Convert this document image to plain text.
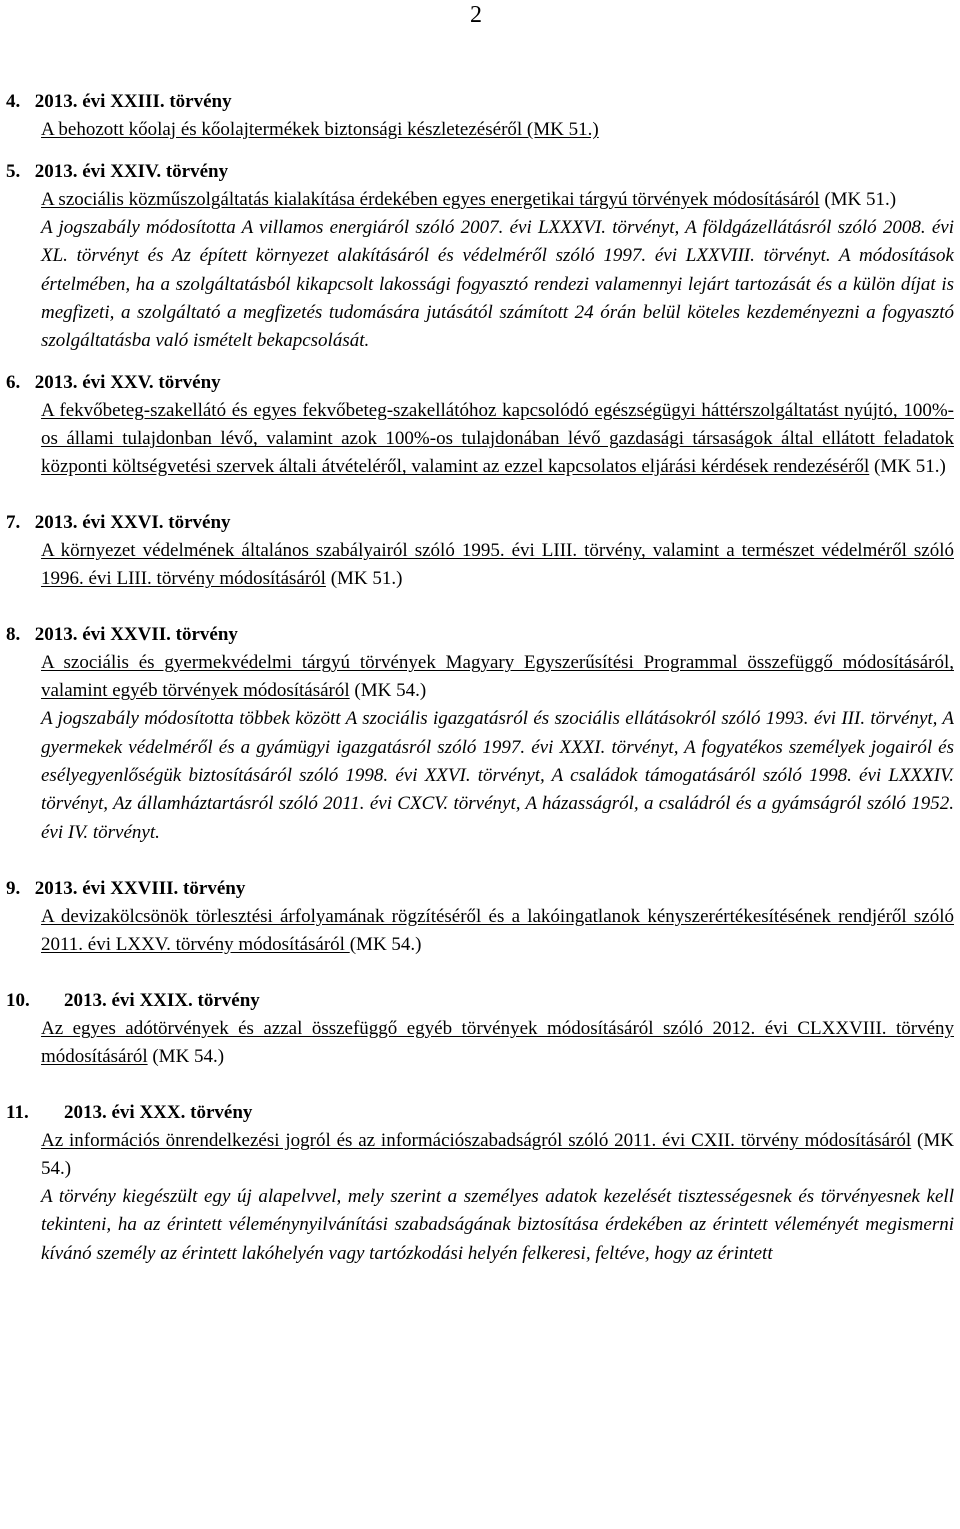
2
4. 2013. évi XXIII. törvény
A behozott kőolaj és kőolajtermékek biztonsági készletezéséről (MK 51.)
5. 2013. évi XXIV. törvény
A szociális közműszolgáltatás kialakítása érdekében egyes energetikai tárgyú törvények módosításáról (MK 51.)
A jogszabály módosította A villamos energiáról szóló 2007. évi LXXXVI. törvényt, A földgázellátásról szóló 2008. évi XL. törvényt és Az épített környezet alakításáról és védelméről szóló 1997. évi LXXVIII. törvényt. A módosítások értelmében, ha a szolgáltatásból kikapcsolt lakossági fogyasztó rendezi valamennyi lejárt tartozását és a külön díjat is megfizeti, a szolgáltató a megfizetés tudomására jutásától számított 24 órán belül köteles kezdeményezni a fogyasztó szolgáltatásba való ismételt bekapcsolását.
6. 2013. évi XXV. törvény
A fekvőbeteg-szakellátó és egyes fekvőbeteg-szakellátóhoz kapcsolódó egészségügyi háttérszolgáltatást nyújtó, 100%-os állami tulajdonban lévő, valamint azok 100%-os tulajdonában lévő gazdasági társaságok által ellátott feladatok központi költségvetési szervek általi átvételéről, valamint az ezzel kapcsolatos eljárási kérdések rendezéséről (MK 51.)
7. 2013. évi XXVI. törvény
A környezet védelmének általános szabályairól szóló 1995. évi LIII. törvény, valamint a természet védelméről szóló 1996. évi LIII. törvény módosításáról (MK 51.)
8. 2013. évi XXVII. törvény
A szociális és gyermekvédelmi tárgyú törvények Magyary Egyszerűsítési Programmal összefüggő módosításáról, valamint egyéb törvények módosításáról (MK 54.)
A jogszabály módosította többek között A szociális igazgatásról és szociális ellátásokról szóló 1993. évi III. törvényt, A gyermekek védelméről és a gyámügyi igazgatásról szóló 1997. évi XXXI. törvényt, A fogyatékos személyek jogairól és esélyegyenlőségük biztosításáról szóló 1998. évi XXVI. törvényt, A családok támogatásáról szóló 1998. évi LXXXIV. törvényt, Az államháztartásról szóló 2011. évi CXCV. törvényt, A házasságról, a családról és a gyámságról szóló 1952. évi IV. törvényt.
9. 2013. évi XXVIII. törvény
A devizakölcsönök törlesztési árfolyamának rögzítéséről és a lakóingatlanok kényszerértékesítésének rendjéről szóló 2011. évi LXXV. törvény módosításáról (MK 54.)
10. 2013. évi XXIX. törvény
Az egyes adótörvények és azzal összefüggő egyéb törvények módosításáról szóló 2012. évi CLXXVIII. törvény módosításáról (MK 54.)
11. 2013. évi XXX. törvény
Az információs önrendelkezési jogról és az információszabadságról szóló 2011. évi CXII. törvény módosításáról (MK 54.)
A törvény kiegészült egy új alapelvvel, mely szerint a személyes adatok kezelését tisztességesnek és törvényesnek kell tekinteni, ha az érintett véleménynyilvánítási szabadságának biztosítása érdekében az érintett véleményét megismerni kívánó személy az érintett lakóhelyén vagy tartózkodási helyén felkeresi, feltéve, hogy az érintett
